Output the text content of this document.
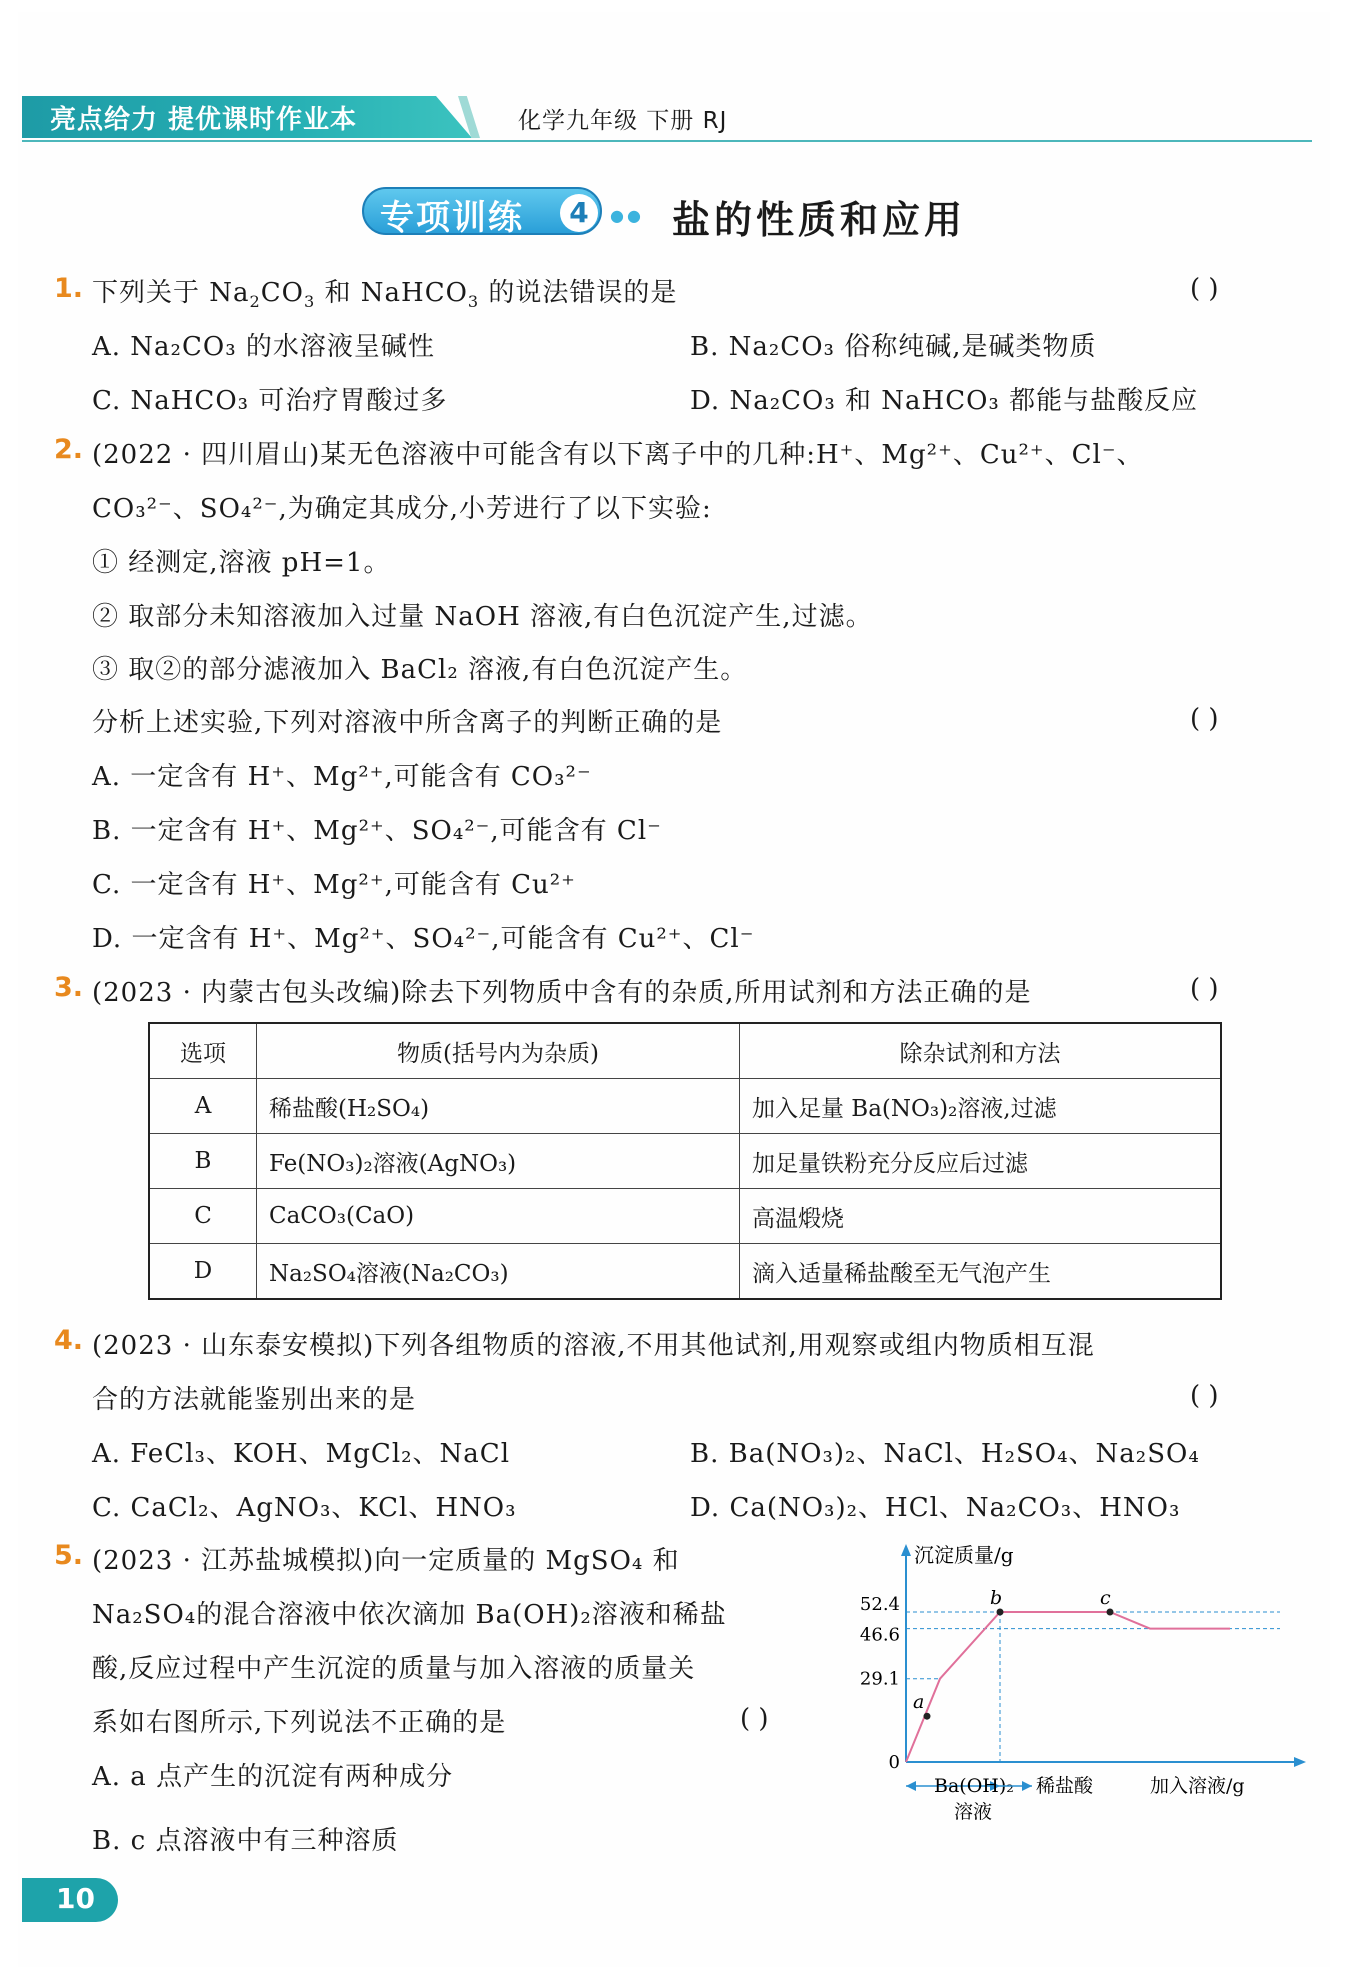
亮点给力 提优课时作业本	化学九年级 下册 RJ
专项训练	4	●● 盐的性质和应用
1. 下列关于 $Na_2CO_3$ 和 NaHCO$_3$ 的说法错误的是	( )
A. Na₂CO₃ 的水溶液呈碱性	B. Na₂CO₃ 俗称纯碱,是碱类物质
C. NaHCO₃ 可治疗胃酸过多	D. Na₂CO₃ 和 NaHCO₃ 都能与盐酸反应
2. (2022 · 四川眉山)某无色溶液中可能含有以下离子中的几种:H⁺、Mg²⁺、Cu²⁺、Cl⁻、
CO₃²⁻、SO₄²⁻,为确定其成分,小芳进行了以下实验:
① 经测定,溶液 pH=1。
② 取部分未知溶液加入过量 NaOH 溶液,有白色沉淀产生,过滤。
③ 取②的部分滤液加入 BaCl₂ 溶液,有白色沉淀产生。
分析上述实验,下列对溶液中所含离子的判断正确的是	( )
A. 一定含有 H⁺、Mg²⁺,可能含有 CO₃²⁻
B. 一定含有 H⁺、Mg²⁺、SO₄²⁻,可能含有 Cl⁻
C. 一定含有 H⁺、Mg²⁺,可能含有 Cu²⁺
D. 一定含有 H⁺、Mg²⁺、SO₄²⁻,可能含有 Cu²⁺、Cl⁻
3. (2023 · 内蒙古包头改编)除去下列物质中含有的杂质,所用试剂和方法正确的是	( )
选项	物质(括号内为杂质)	除杂试剂和方法
A	稀盐酸(H₂SO₄)	加入足量 Ba(NO₃)₂溶液,过滤
B	Fe(NO₃)₂溶液(AgNO₃)	加足量铁粉充分反应后过滤
C	CaCO₃(CaO)	高温煅烧
D	Na₂SO₄溶液(Na₂CO₃)	滴入适量稀盐酸至无气泡产生
4. (2023 · 山东泰安模拟)下列各组物质的溶液,不用其他试剂,用观察或组内物质相互混
合的方法就能鉴别出来的是	( )
A. FeCl₃、KOH、MgCl₂、NaCl	B. Ba(NO₃)₂、NaCl、H₂SO₄、Na₂SO₄
C. CaCl₂、AgNO₃、KCl、HNO₃	D. Ca(NO₃)₂、HCl、Na₂CO₃、HNO₃
5. (2023 · 江苏盐城模拟)向一定质量的 MgSO₄ 和
Na₂SO₄的混合溶液中依次滴加 Ba(OH)₂溶液和稀盐
酸,反应过程中产生沉淀的质量与加入溶液的质量关
系如右图所示,下列说法不正确的是	( )
A. a 点产生的沉淀有两种成分
B. c 点溶液中有三种溶质
沉淀质量/g
52.4
46.6
29.1
0
a
b	c
Ba(OH)₂
溶液
稀盐酸	加入溶液/g
10
